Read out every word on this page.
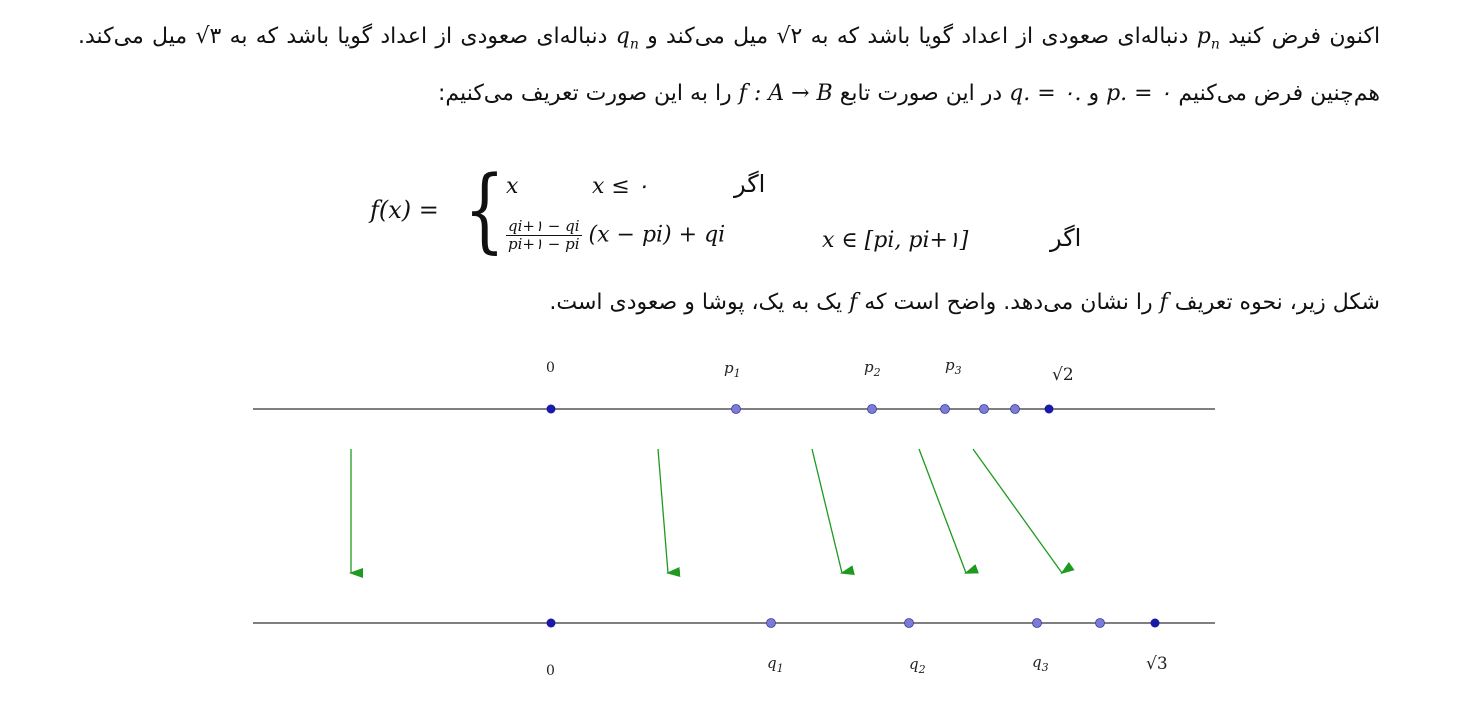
اکنون فرض کنید $p_n$ دنباله‌ای صعودی از اعداد گویا باشد که به √۲ میل می‌کند و $q_n$ دنباله‌ای صعودی از اعداد گویا باشد که به √۳ میل می‌کند. هم‌چنین فرض می‌کنیم p. = ۰ و q. = ۰. در این صورت تابع f : A → B را به این صورت تعریف می‌کنیم:
f(x) = { x	x ≤ ۰	اگر
$\frac{qi+۱ - qi}{pi+۱ - pi} (x - pi)$ + qi	x ∈ [pi, pi+۱]	اگر
شکل زیر، نحوه تعریف f را نشان می‌دهد. واضح است که f یک به یک، پوشا و صعودی است.
0	$p_1$	$p_2$	$p_3$	√2
0	$q_1$	$q_2$	$q_3$	√3
